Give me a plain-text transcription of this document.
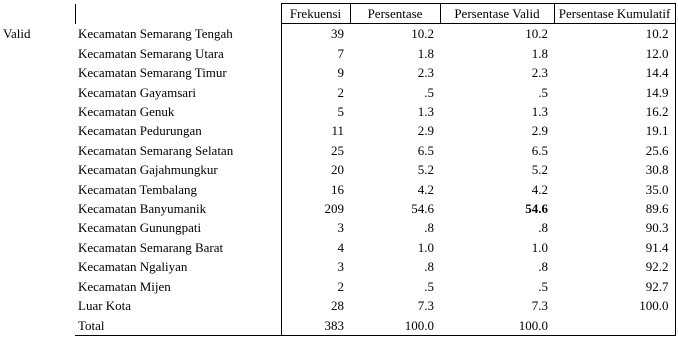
		Frekuensi	Persentase	Persentase Valid	Persentase Kumulatif
Valid	Kecamatan Semarang Tengah	39	10.2	10.2	10.2
	Kecamatan Semarang Utara	7	1.8	1.8	12.0
	Kecamatan Semarang Timur	9	2.3	2.3	14.4
	Kecamatan Gayamsari	2	.5	.5	14.9
	Kecamatan Genuk	5	1.3	1.3	16.2
	Kecamatan Pedurungan	11	2.9	2.9	19.1
	Kecamatan Semarang Selatan	25	6.5	6.5	25.6
	Kecamatan Gajahmungkur	20	5.2	5.2	30.8
	Kecamatan Tembalang	16	4.2	4.2	35.0
	Kecamatan Banyumanik	209	54.6	54.6	89.6
	Kecamatan Gunungpati	3	.8	.8	90.3
	Kecamatan Semarang Barat	4	1.0	1.0	91.4
	Kecamatan Ngaliyan	3	.8	.8	92.2
	Kecamatan Mijen	2	.5	.5	92.7
	Luar Kota	28	7.3	7.3	100.0
	Total	383	100.0	100.0	
